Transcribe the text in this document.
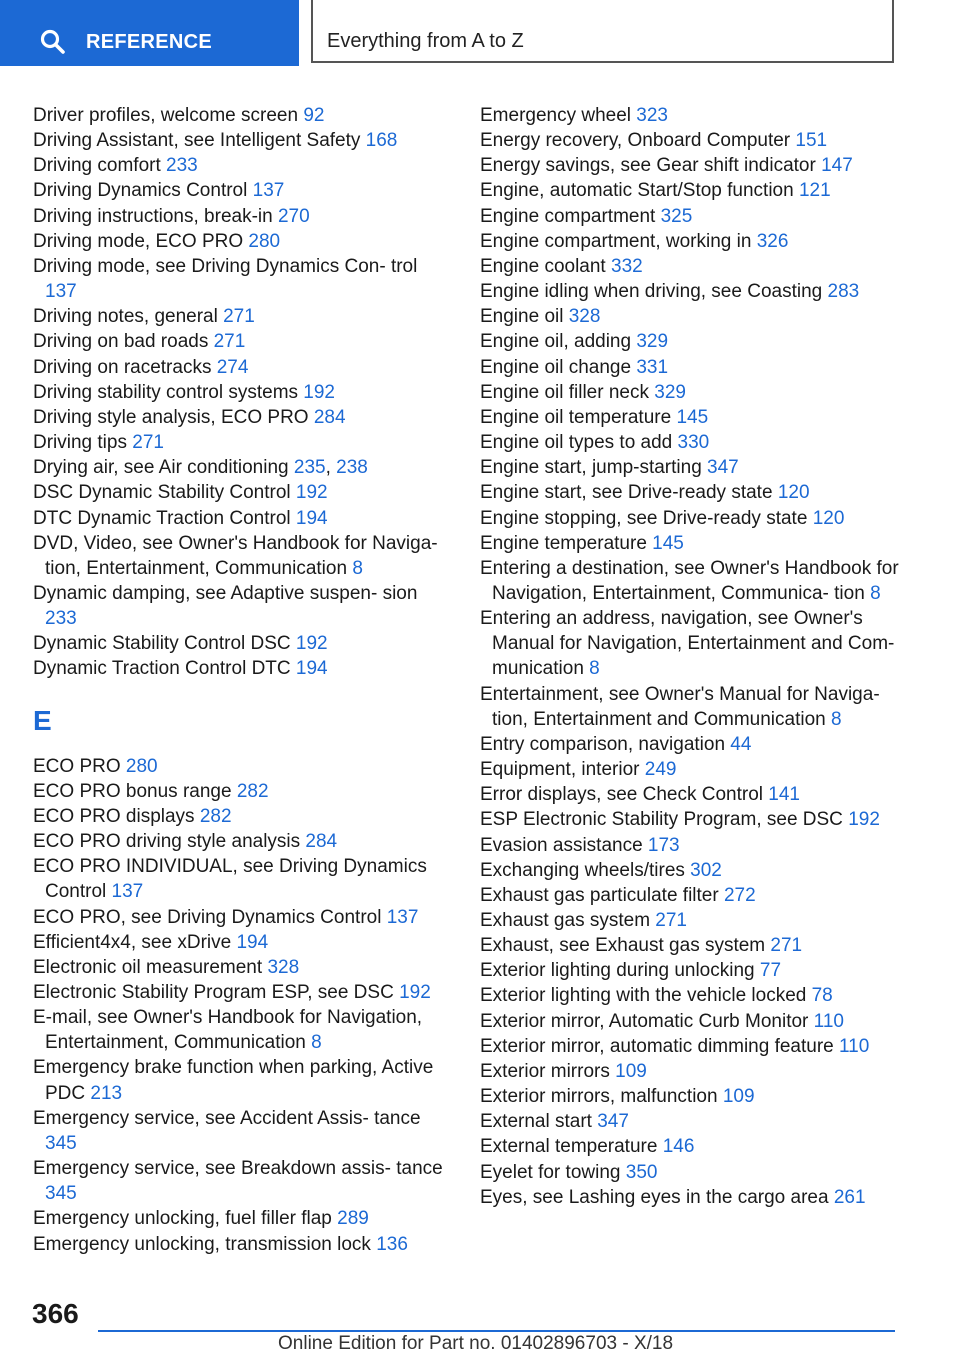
REFERENCE	Everything from A to Z
Driver profiles, welcome screen 92
Driving Assistant, see Intelligent Safety 168
Driving comfort 233
Driving Dynamics Control 137
Driving instructions, break-in 270
Driving mode, ECO PRO 280
Driving mode, see Driving Dynamics Con‐ trol 137
Driving notes, general 271
Driving on bad roads 271
Driving on racetracks 274
Driving stability control systems 192
Driving style analysis, ECO PRO 284
Driving tips 271
Drying air, see Air conditioning 235, 238
DSC Dynamic Stability Control 192
DTC Dynamic Traction Control 194
DVD, Video, see Owner's Handbook for Naviga‐ tion, Entertainment, Communication 8
Dynamic damping, see Adaptive suspen‐ sion 233
Dynamic Stability Control DSC 192
Dynamic Traction Control DTC 194
E
ECO PRO 280
ECO PRO bonus range 282
ECO PRO displays 282
ECO PRO driving style analysis 284
ECO PRO INDIVIDUAL, see Driving Dynamics Control 137
ECO PRO, see Driving Dynamics Control 137
Efficient4x4, see xDrive 194
Electronic oil measurement 328
Electronic Stability Program ESP, see DSC 192
E-mail, see Owner's Handbook for Navigation, Entertainment, Communication 8
Emergency brake function when parking, Active PDC 213
Emergency service, see Accident Assis‐ tance 345
Emergency service, see Breakdown assis‐ tance 345
Emergency unlocking, fuel filler flap 289
Emergency unlocking, transmission lock 136
Emergency wheel 323
Energy recovery, Onboard Computer 151
Energy savings, see Gear shift indicator 147
Engine, automatic Start/Stop function 121
Engine compartment 325
Engine compartment, working in 326
Engine coolant 332
Engine idling when driving, see Coasting 283
Engine oil 328
Engine oil, adding 329
Engine oil change 331
Engine oil filler neck 329
Engine oil temperature 145
Engine oil types to add 330
Engine start, jump-starting 347
Engine start, see Drive-ready state 120
Engine stopping, see Drive-ready state 120
Engine temperature 145
Entering a destination, see Owner's Handbook for Navigation, Entertainment, Communica‐ tion 8
Entering an address, navigation, see Owner's Manual for Navigation, Entertainment and Com‐ munication 8
Entertainment, see Owner's Manual for Naviga‐ tion, Entertainment and Communication 8
Entry comparison, navigation 44
Equipment, interior 249
Error displays, see Check Control 141
ESP Electronic Stability Program, see DSC 192
Evasion assistance 173
Exchanging wheels/tires 302
Exhaust gas particulate filter 272
Exhaust gas system 271
Exhaust, see Exhaust gas system 271
Exterior lighting during unlocking 77
Exterior lighting with the vehicle locked 78
Exterior mirror, Automatic Curb Monitor 110
Exterior mirror, automatic dimming feature 110
Exterior mirrors 109
Exterior mirrors, malfunction 109
External start 347
External temperature 146
Eyelet for towing 350
Eyes, see Lashing eyes in the cargo area 261
366
Online Edition for Part no. 01402896703 - X/18
